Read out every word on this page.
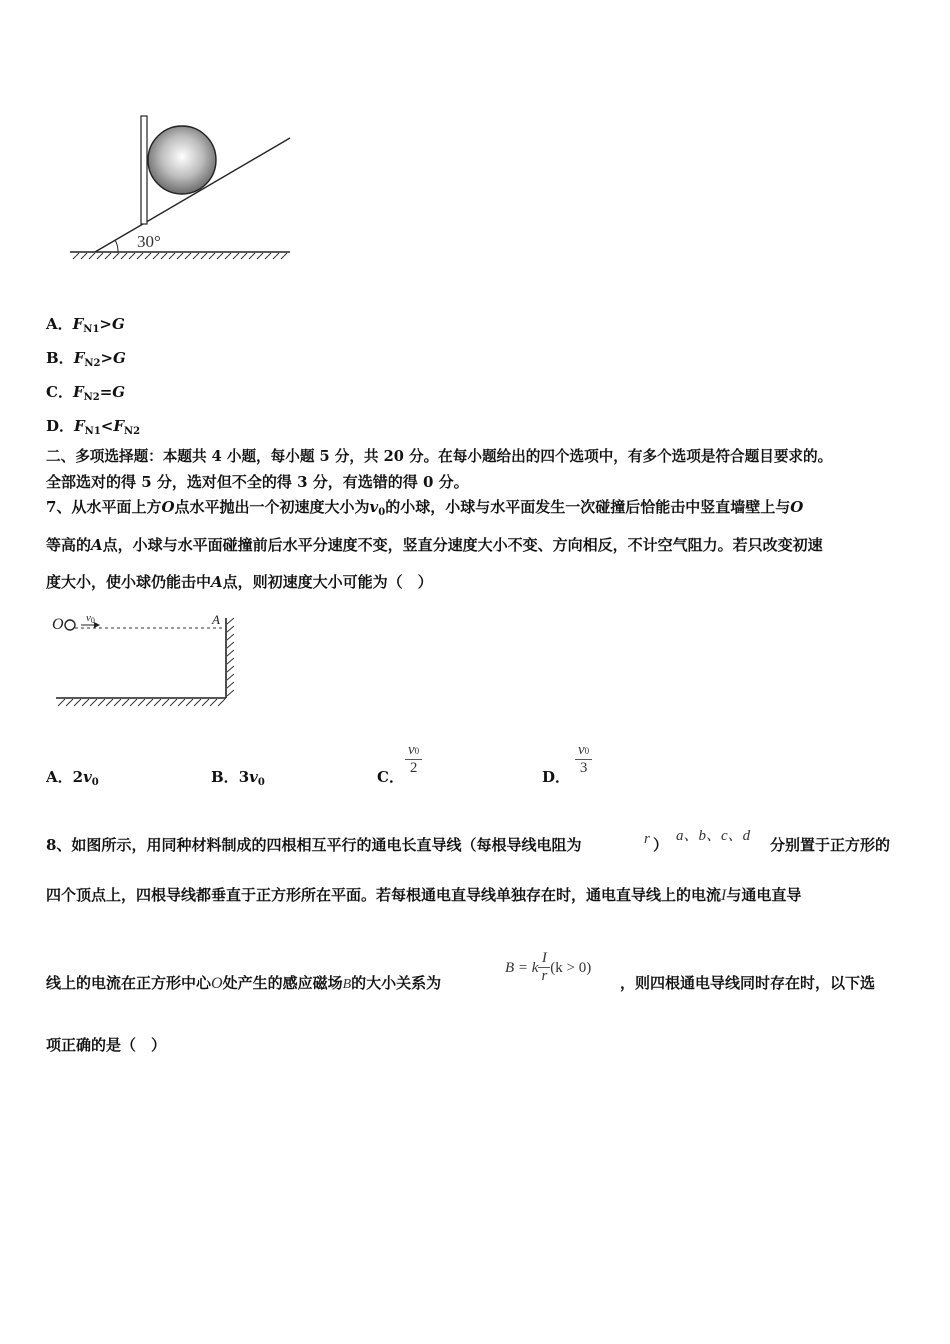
30°
A．$F_{N1}>G$
B．$F_{N2}>G$
C．$F_{N2}=G$
D．$F_{N1}<F_{N2}$
二、多项选择题：本题共 4 小题，每小题 5 分，共 20 分。在每小题给出的四个选项中，有多个选项是符合题目要求的。
全部选对的得 5 分，选对但不全的得 3 分，有选错的得 0 分。
7、从水平面上方O点水平抛出一个初速度大小为$v_0$的小球，小球与水平面发生一次碰撞后恰能击中竖直墙壁上与O
等高的A点，小球与水平面碰撞前后水平分速度不变，竖直分速度大小不变、方向相反，不计空气阻力。若只改变初速
度大小，使小球仍能击中A点，则初速度大小可能为（　）
O v0	A
A．$2v_0$	B．$3v_0$	C． $\frac{v0}{2}$	D． $\frac{v0}{3}$
8、如图所示，用同种材料制成的四根相互平行的通电长直导线（每根导线电阻为	r ） a、b、c、d 分别置于正方形的
四个顶点上，四根导线都垂直于正方形所在平面。若每根通电直导线单独存在时，通电直导线上的电流I与通电直导
线上的电流在正方形中心O处产生的感应磁场B的大小关系为
B = k $\frac{I}{r} (k > 0)$
，则四根通电导线同时存在时，以下选
项正确的是（　）
